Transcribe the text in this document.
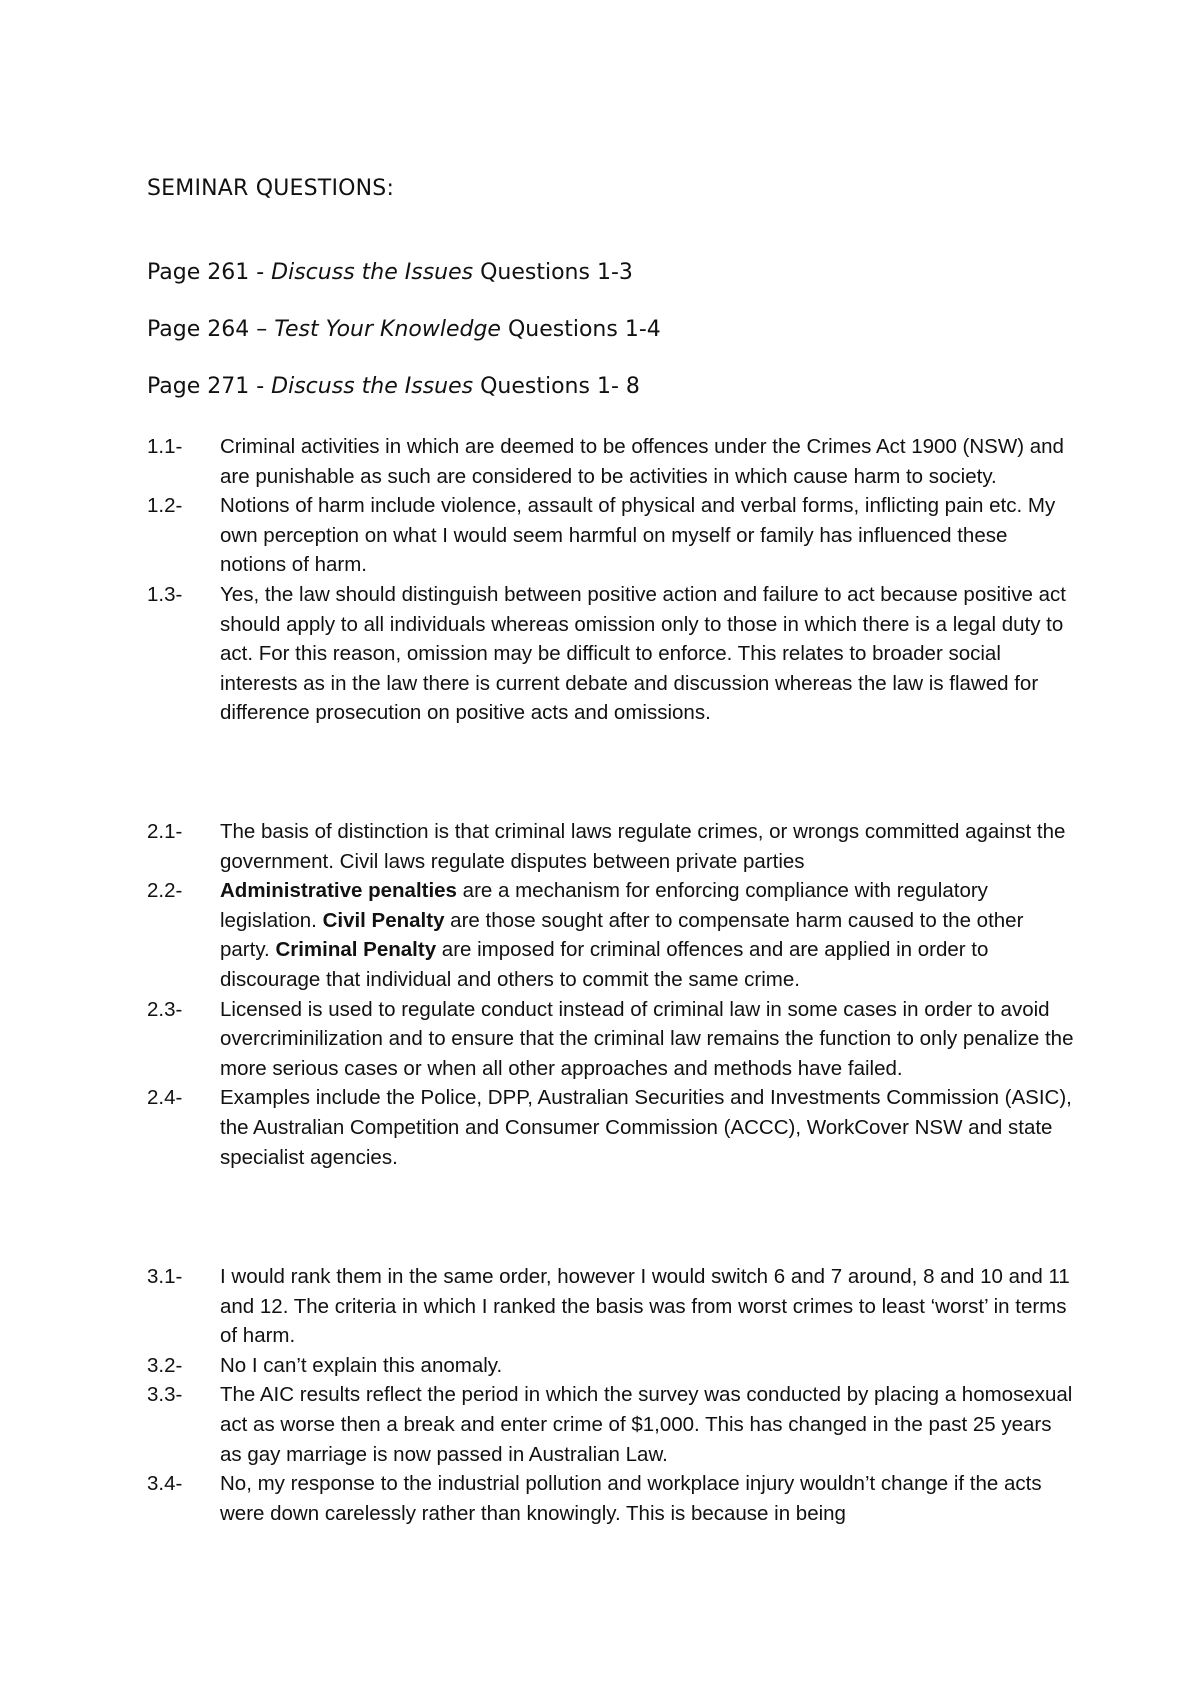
SEMINAR QUESTIONS:

Page 261 - Discuss the Issues Questions 1-3

Page 264 – Test Your Knowledge Questions 1-4

Page 271 - Discuss the Issues Questions 1- 8

1.1- Criminal activities in which are deemed to be offences under the Crimes Act 1900 (NSW) and are punishable as such are considered to be activities in which cause harm to society.
1.2- Notions of harm include violence, assault of physical and verbal forms, inflicting pain etc. My own perception on what I would seem harmful on myself or family has influenced these notions of harm.
1.3- Yes, the law should distinguish between positive action and failure to act because positive act should apply to all individuals whereas omission only to those in which there is a legal duty to act. For this reason, omission may be difficult to enforce. This relates to broader social interests as in the law there is current debate and discussion whereas the law is flawed for difference prosecution on positive acts and omissions.
2.1- The basis of distinction is that criminal laws regulate crimes, or wrongs committed against the government. Civil laws regulate disputes between private parties
2.2- Administrative penalties are a mechanism for enforcing compliance with regulatory legislation. Civil Penalty are those sought after to compensate harm caused to the other party. Criminal Penalty are imposed for criminal offences and are applied in order to discourage that individual and others to commit the same crime.
2.3- Licensed is used to regulate conduct instead of criminal law in some cases in order to avoid overcriminilization and to ensure that the criminal law remains the function to only penalize the more serious cases or when all other approaches and methods have failed.
2.4- Examples include the Police, DPP, Australian Securities and Investments Commission (ASIC), the Australian Competition and Consumer Commission (ACCC), WorkCover NSW and state specialist agencies.
3.1- I would rank them in the same order, however I would switch 6 and 7 around, 8 and 10 and 11 and 12. The criteria in which I ranked the basis was from worst crimes to least ‘worst’ in terms of harm.
3.2- No I can’t explain this anomaly.
3.3- The AIC results reflect the period in which the survey was conducted by placing a homosexual act as worse then a break and enter crime of $1,000. This has changed in the past 25 years as gay marriage is now passed in Australian Law.
3.4- No, my response to the industrial pollution and workplace injury wouldn’t change if the acts were down carelessly rather than knowingly. This is because in being
